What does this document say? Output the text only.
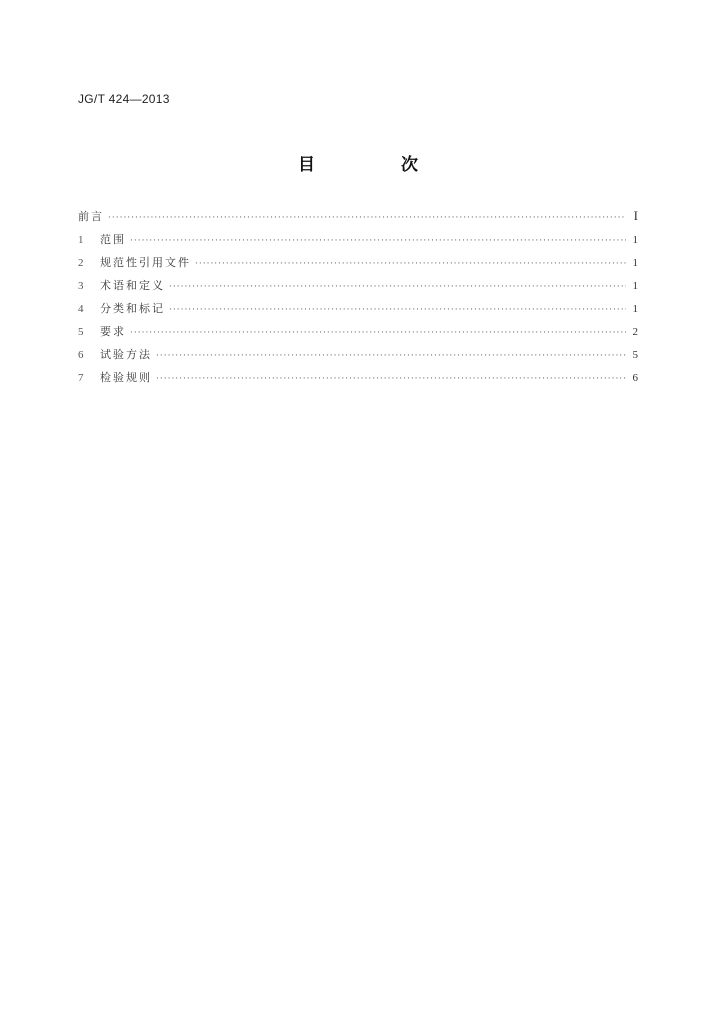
JG/T 424—2013
目 次
前言 ·····	I
1	范围 ·····	1
2	规范性引用文件 ·····	1
3	术语和定义 ·····	1
4	分类和标记 ·····	1
5	要求 ·····	2
6	试验方法 ·····	5
7	检验规则 ·····	6
